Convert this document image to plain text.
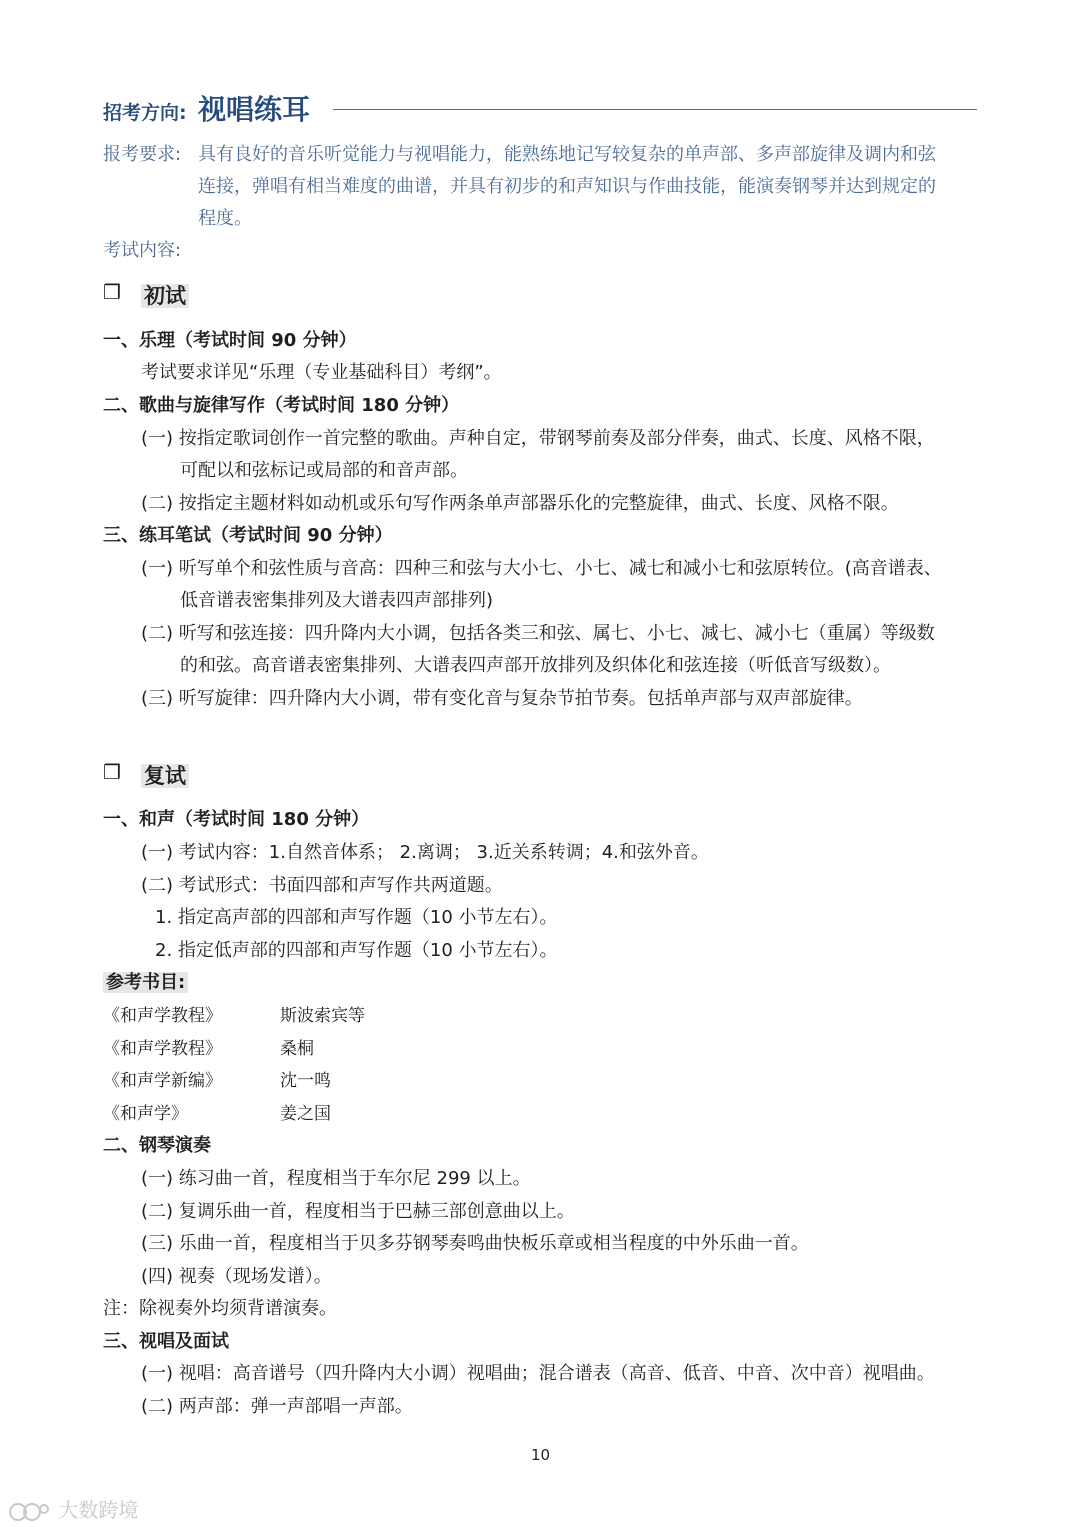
招考方向: 视唱练耳
报考要求: 具有良好的音乐听觉能力与视唱能力，能熟练地记写较复杂的单声部、多声部旋律及调内和弦
连接，弹唱有相当难度的曲谱，并具有初步的和声知识与作曲技能，能演奏钢琴并达到规定的
程度。
考试内容:
❒ 初试
一、乐理（考试时间 90 分钟）
考试要求详见“乐理（专业基础科目）考纲”。
二、歌曲与旋律写作（考试时间 180 分钟）
(一) 按指定歌词创作一首完整的歌曲。声种自定，带钢琴前奏及部分伴奏，曲式、长度、风格不限，
可配以和弦标记或局部的和音声部。
(二) 按指定主题材料如动机或乐句写作两条单声部器乐化的完整旋律，曲式、长度、风格不限。
三、练耳笔试（考试时间 90 分钟）
(一) 听写单个和弦性质与音高：四种三和弦与大小七、小七、减七和减小七和弦原转位。(高音谱表、
低音谱表密集排列及大谱表四声部排列)
(二) 听写和弦连接：四升降内大小调，包括各类三和弦、属七、小七、减七、减小七（重属）等级数
的和弦。高音谱表密集排列、大谱表四声部开放排列及织体化和弦连接（听低音写级数）。
(三) 听写旋律：四升降内大小调，带有变化音与复杂节拍节奏。包括单声部与双声部旋律。
❒ 复试
一、和声（考试时间 180 分钟）
(一) 考试内容：1.自然音体系； 2.离调； 3.近关系转调；4.和弦外音。
(二) 考试形式：书面四部和声写作共两道题。
1. 指定高声部的四部和声写作题（10 小节左右）。
2. 指定低声部的四部和声写作题（10 小节左右）。
参考书目:
《和声学教程》	斯波索宾等
《和声学教程》	桑桐
《和声学新编》	沈一鸣
《和声学》	姜之国
二、钢琴演奏
(一) 练习曲一首，程度相当于车尔尼 299 以上。
(二) 复调乐曲一首，程度相当于巴赫三部创意曲以上。
(三) 乐曲一首，程度相当于贝多芬钢琴奏鸣曲快板乐章或相当程度的中外乐曲一首。
(四) 视奏（现场发谱）。
注：除视奏外均须背谱演奏。
三、视唱及面试
(一) 视唱：高音谱号（四升降内大小调）视唱曲；混合谱表（高音、低音、中音、次中音）视唱曲。
(二) 两声部：弹一声部唱一声部。
10
大数跨境
